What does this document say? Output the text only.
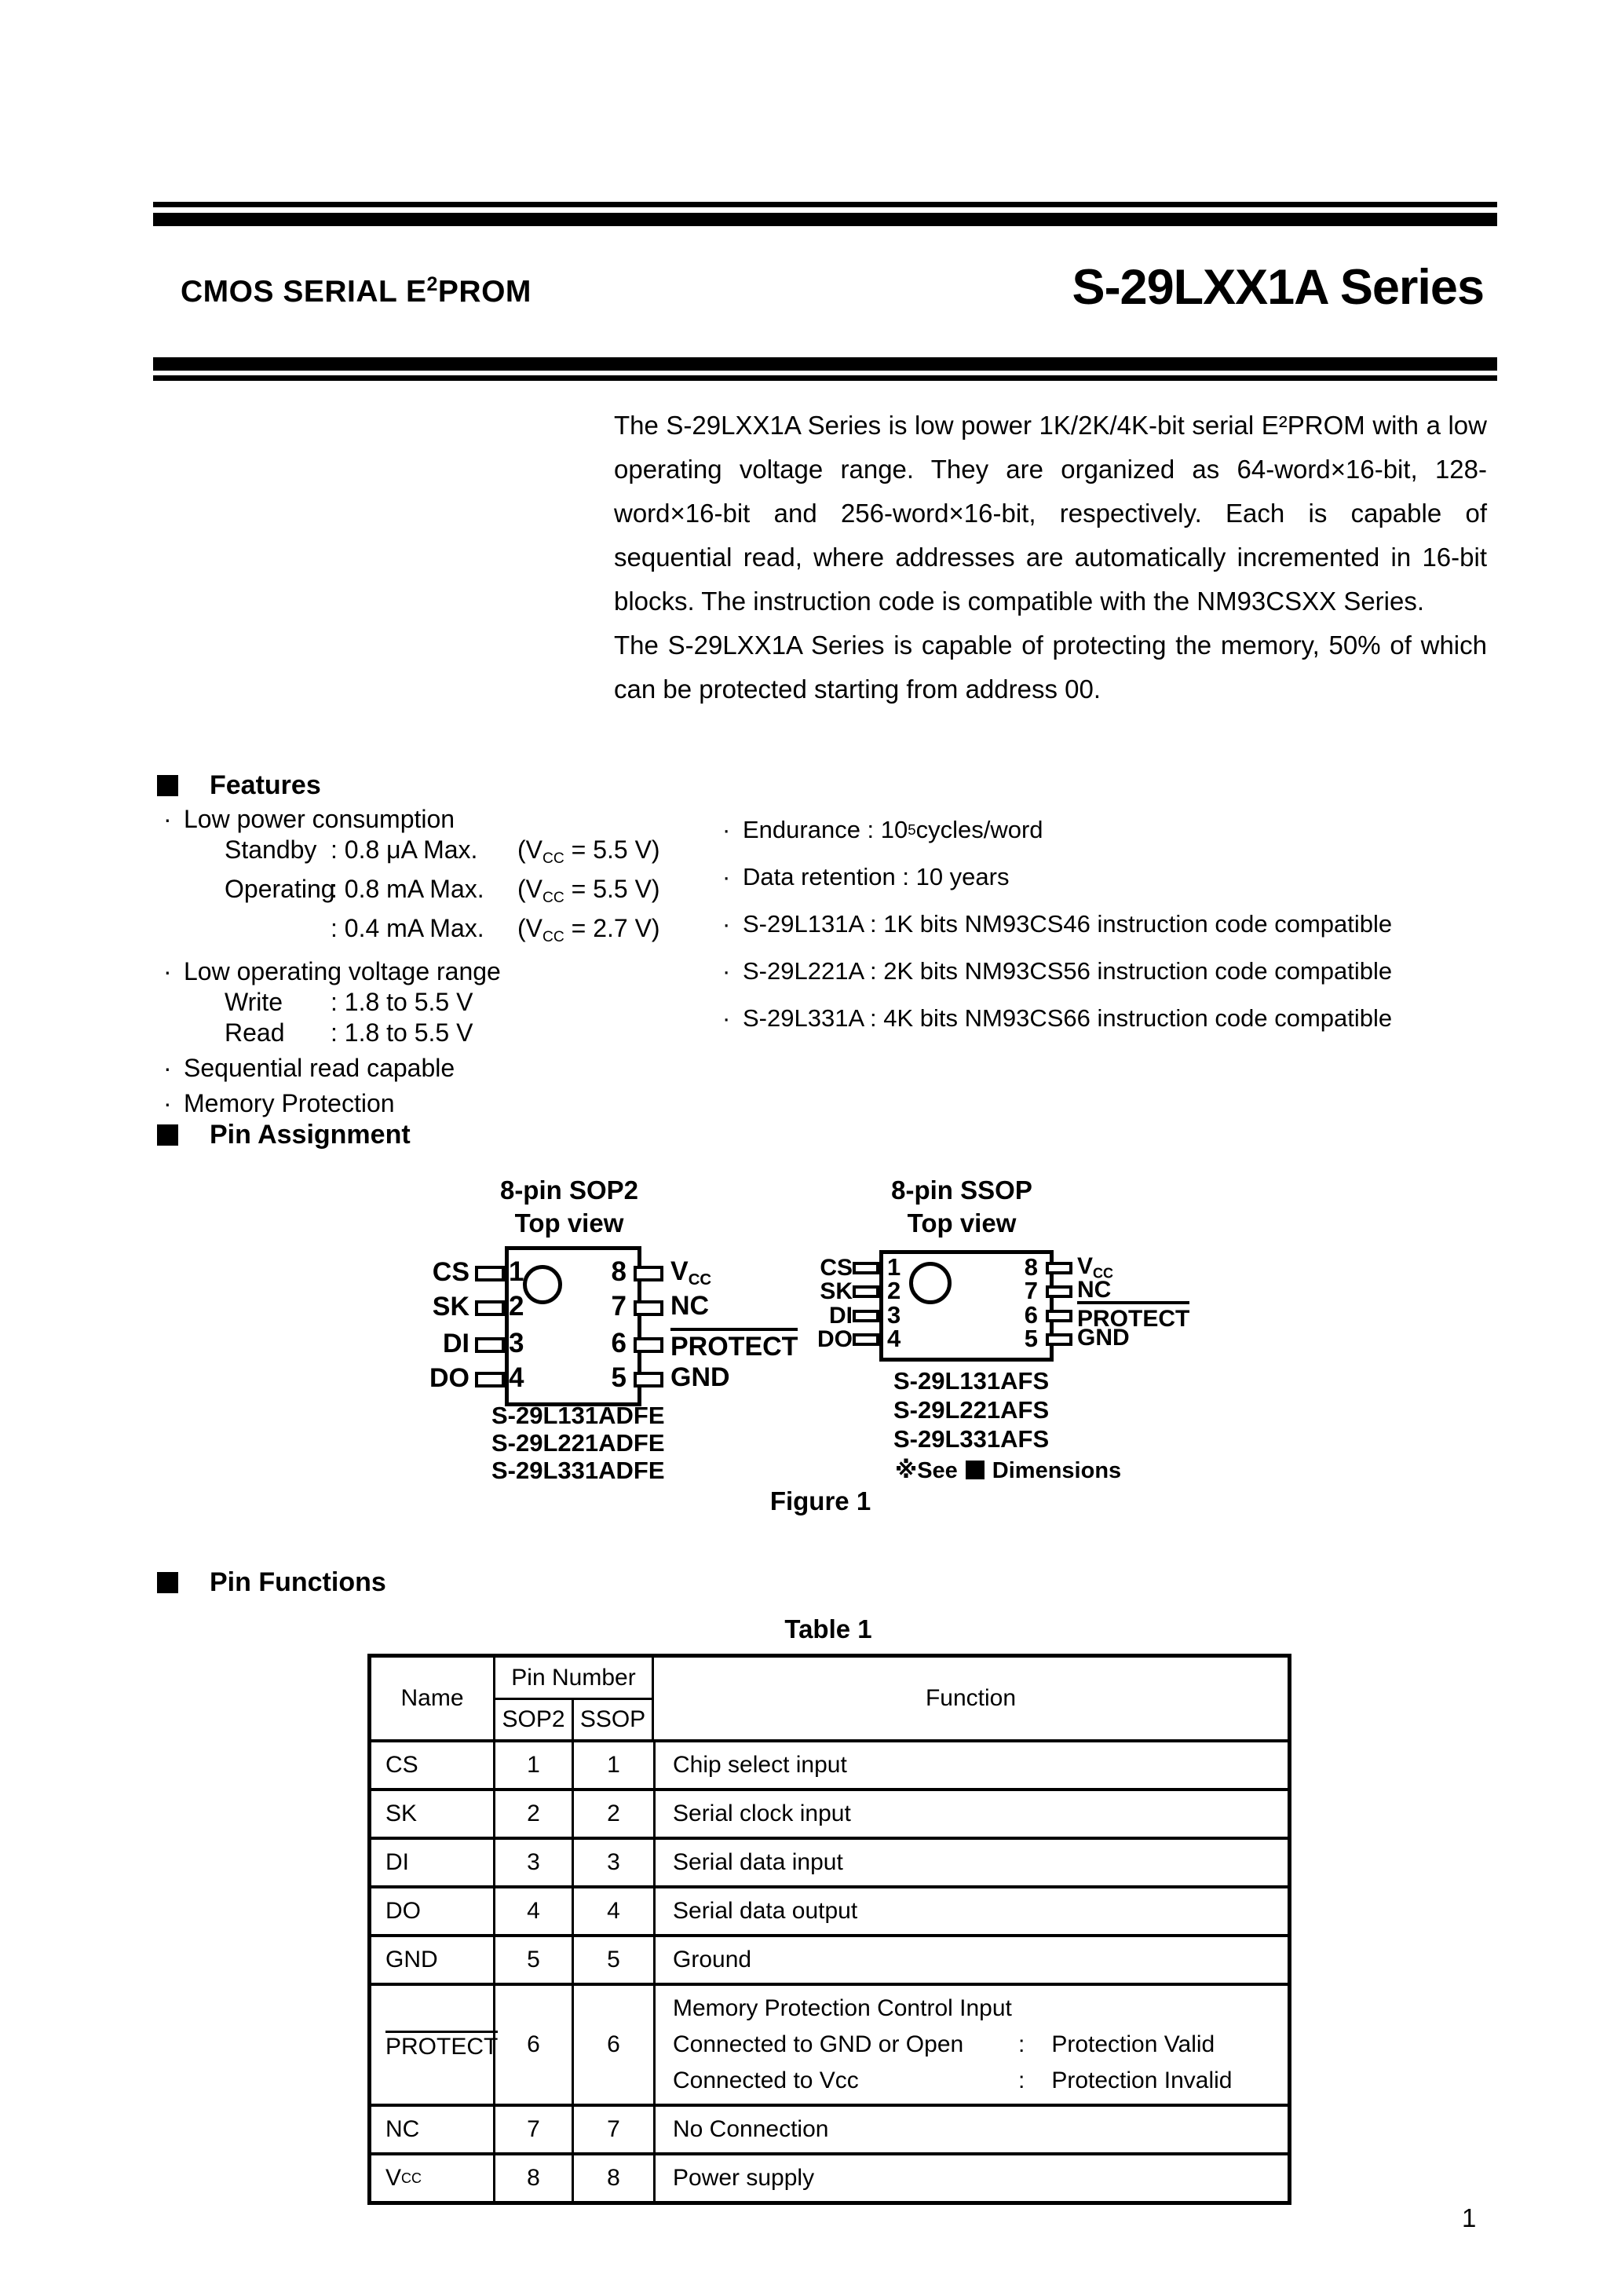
CMOS SERIAL $E^2PROM$	S-29LXX1A Series

The S-29LXX1A Series is low power 1K/2K/4K-bit serial E²PROM with a low operating voltage range. They are organized as 64-word×16-bit, 128-word×16-bit and 256-word×16-bit, respectively. Each is capable of sequential read, where addresses are automatically incremented in 16-bit blocks. The instruction code is compatible with the NM93CSXX Series.

The S-29LXX1A Series is capable of protecting the memory, 50% of which can be protected starting from address 00.

Features
· Low power consumption
Standby : 0.8 μA Max. (VCC = 5.5 V)
Operating: 0.8 mA Max. (VCC = 5.5 V)
: 0.4 mA Max. (VCC = 2.7 V)
· Low operating voltage range
Write : 1.8 to 5.5 V
Read : 1.8 to 5.5 V
· Sequential read capable
· Memory Protection
· Endurance : 10 5 cycles/word
· Data retention : 10 years
· S-29L131A : 1K bits NM93CS46 instruction code compatible
· S-29L221A : 2K bits NM93CS56 instruction code compatible
· S-29L331A : 4K bits NM93CS66 instruction code compatible
Pin Assignment
8-pin SOP2
Top view
S-29L131ADFE
S-29L221ADFE
S-29L331ADFE
CS 1	8 VCC
SK 2	7 NC
DI 3	6 PROTECT
DO 4	5 GND
8-pin SSOP
Top view
S-29L131AFS
S-29L221AFS
S-29L331AFS
※See Dimensions
CS 1	8 VCC
SK 2	7 NC
DI 3	6 PROTECT
DO 4	5 GND
Figure 1
Pin Functions
Table 1
Name
Pin Number
SOP2 SSOP
Function
CS	1	1	Chip select input
SK	2	2	Serial clock input
DI	3	3	Serial data input
DO	4	4	Serial data output
GND	5	5	Ground
PROTECT	6	6
Memory Protection Control Input
Connected to GND or Open : Protection Valid
Connected to Vcc	: Protection Invalid
NC	7	7	No Connection
V CC	8	8	Power supply
1
